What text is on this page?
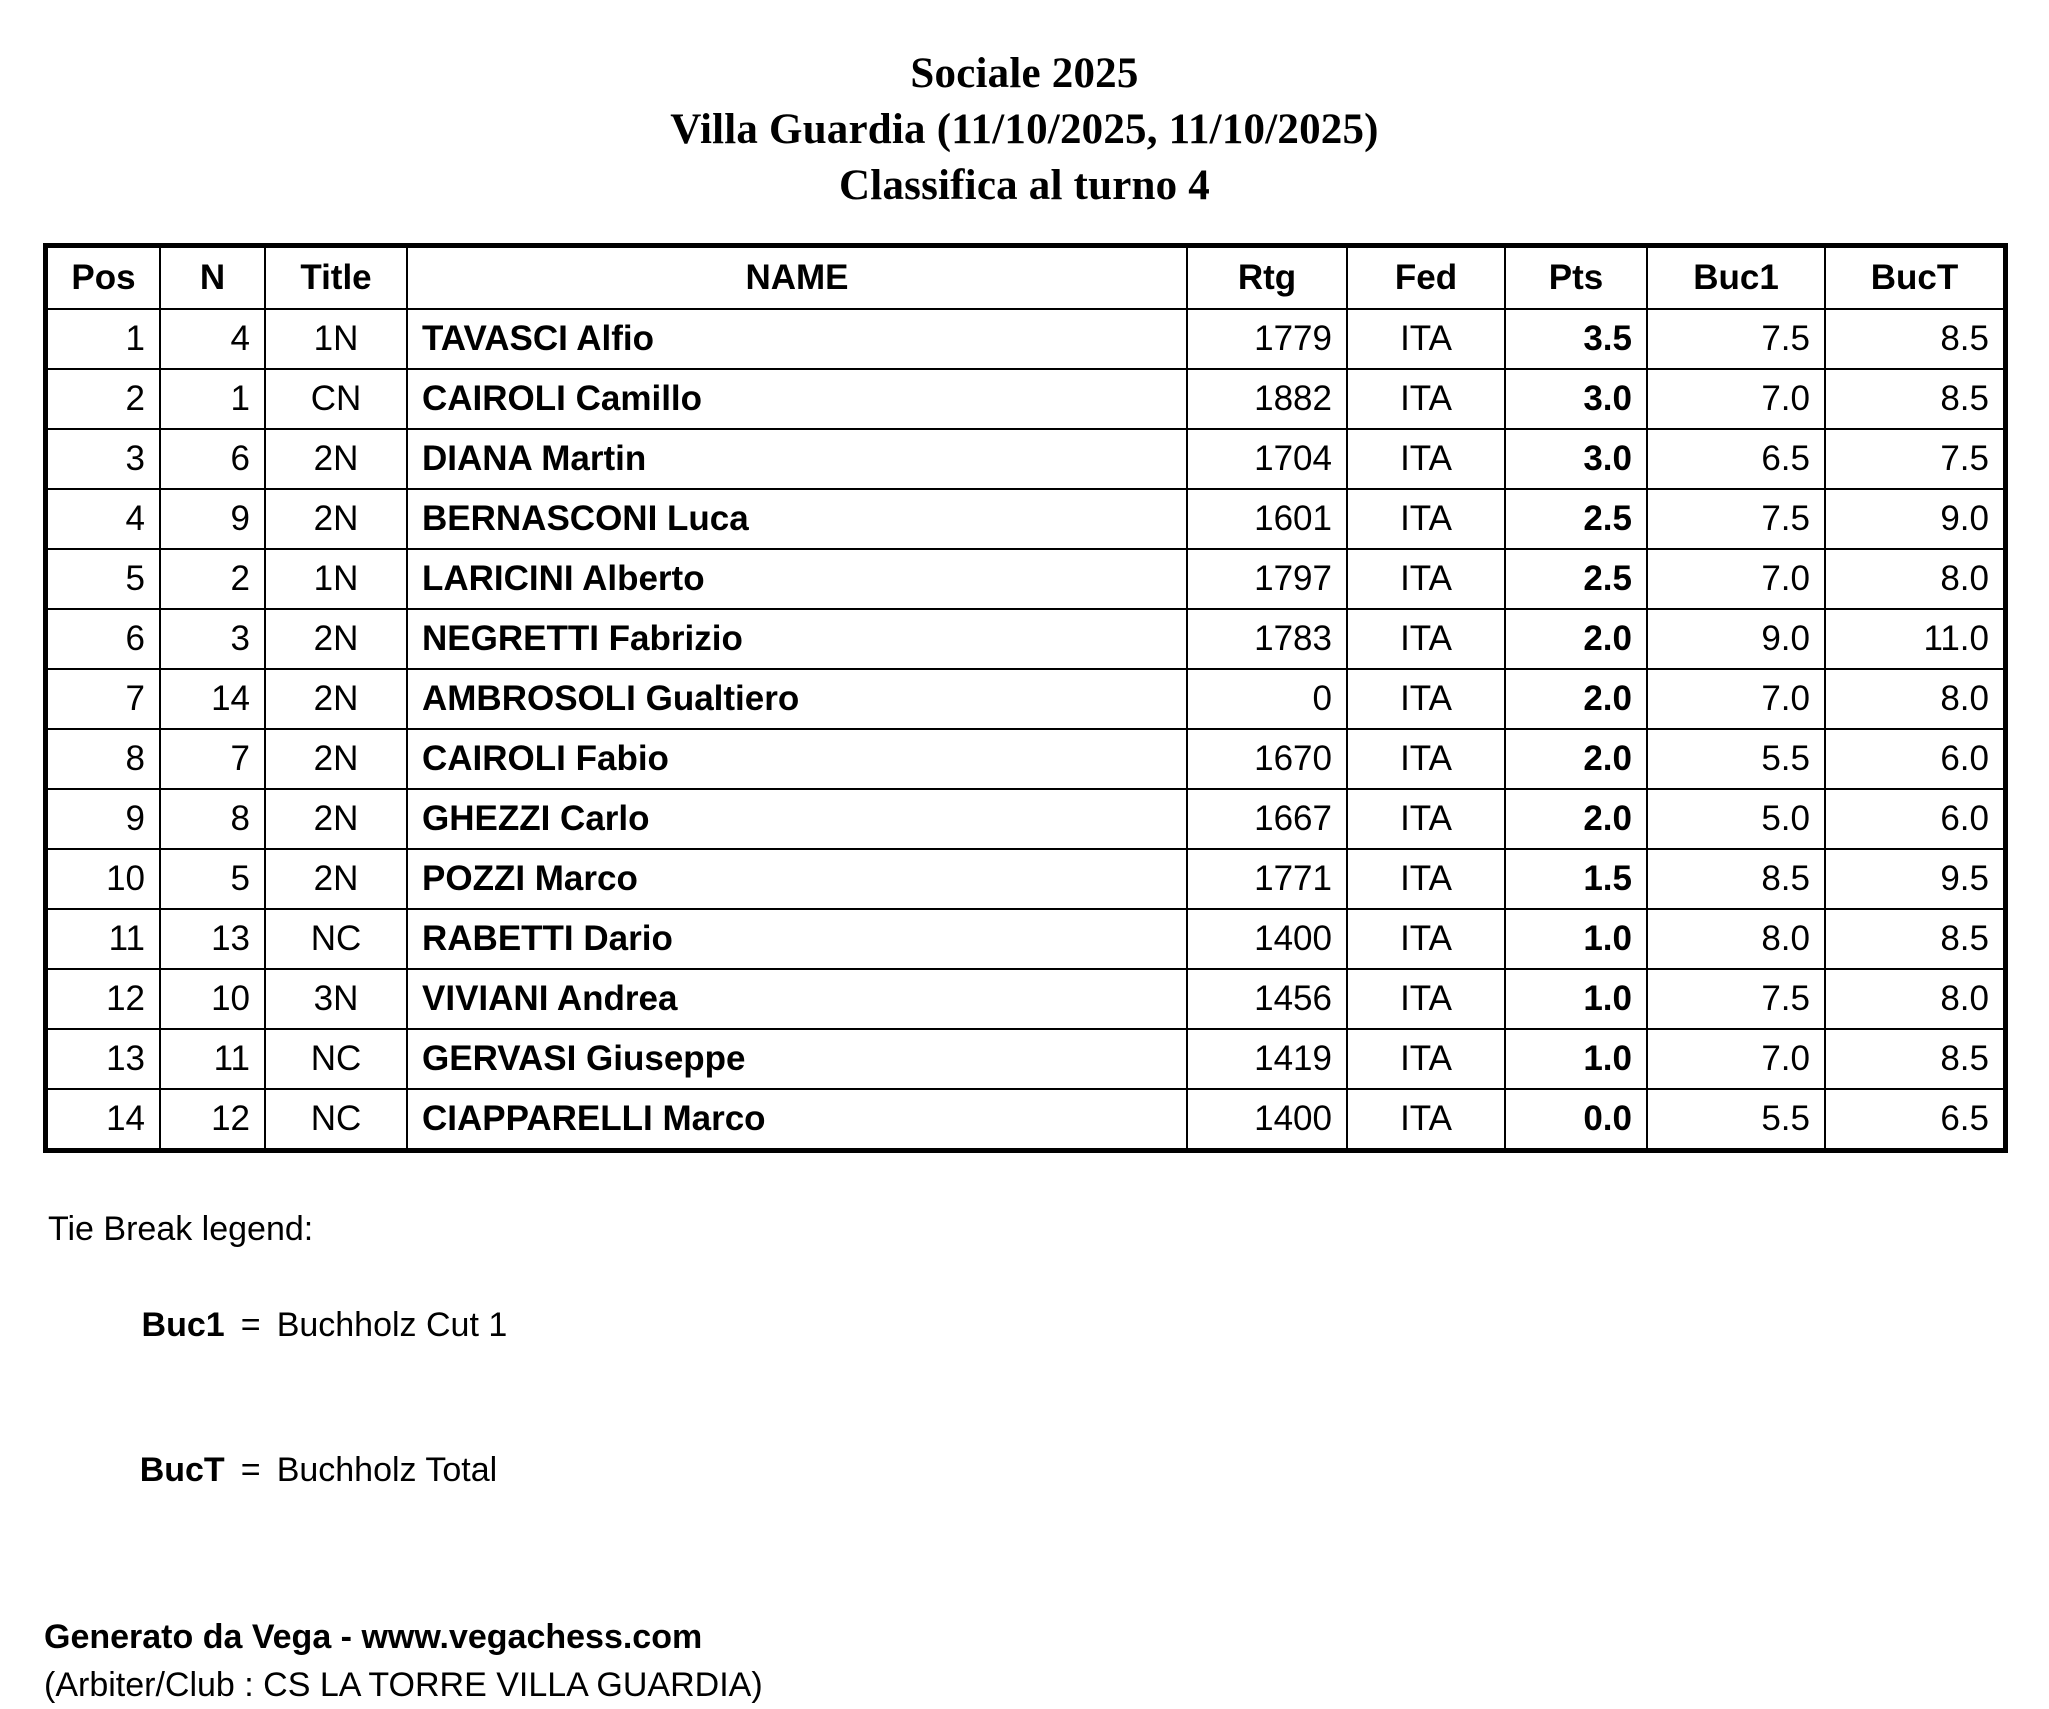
Sociale 2025
Villa Guardia (11/10/2025, 11/10/2025)
Classifica al turno 4
Pos	N	Title	NAME	Rtg	Fed	Pts	Buc1	BucT
1	4	1N	TAVASCI Alfio	1779	ITA	3.5	7.5	8.5
2	1	CN	CAIROLI Camillo	1882	ITA	3.0	7.0	8.5
3	6	2N	DIANA Martin	1704	ITA	3.0	6.5	7.5
4	9	2N	BERNASCONI Luca	1601	ITA	2.5	7.5	9.0
5	2	1N	LARICINI Alberto	1797	ITA	2.5	7.0	8.0
6	3	2N	NEGRETTI Fabrizio	1783	ITA	2.0	9.0	11.0
7	14	2N	AMBROSOLI Gualtiero	0	ITA	2.0	7.0	8.0
8	7	2N	CAIROLI Fabio	1670	ITA	2.0	5.5	6.0
9	8	2N	GHEZZI Carlo	1667	ITA	2.0	5.0	6.0
10	5	2N	POZZI Marco	1771	ITA	1.5	8.5	9.5
11	13	NC	RABETTI Dario	1400	ITA	1.0	8.0	8.5
12	10	3N	VIVIANI Andrea	1456	ITA	1.0	7.5	8.0
13	11	NC	GERVASI Giuseppe	1419	ITA	1.0	7.0	8.5
14	12	NC	CIAPPARELLI Marco	1400	ITA	0.0	5.5	6.5
Tie Break legend:

Buc1 = Buchholz Cut 1

BucT = Buchholz Total

Generato da Vega - www.vegachess.com
(Arbiter/Club : CS LA TORRE VILLA GUARDIA)
